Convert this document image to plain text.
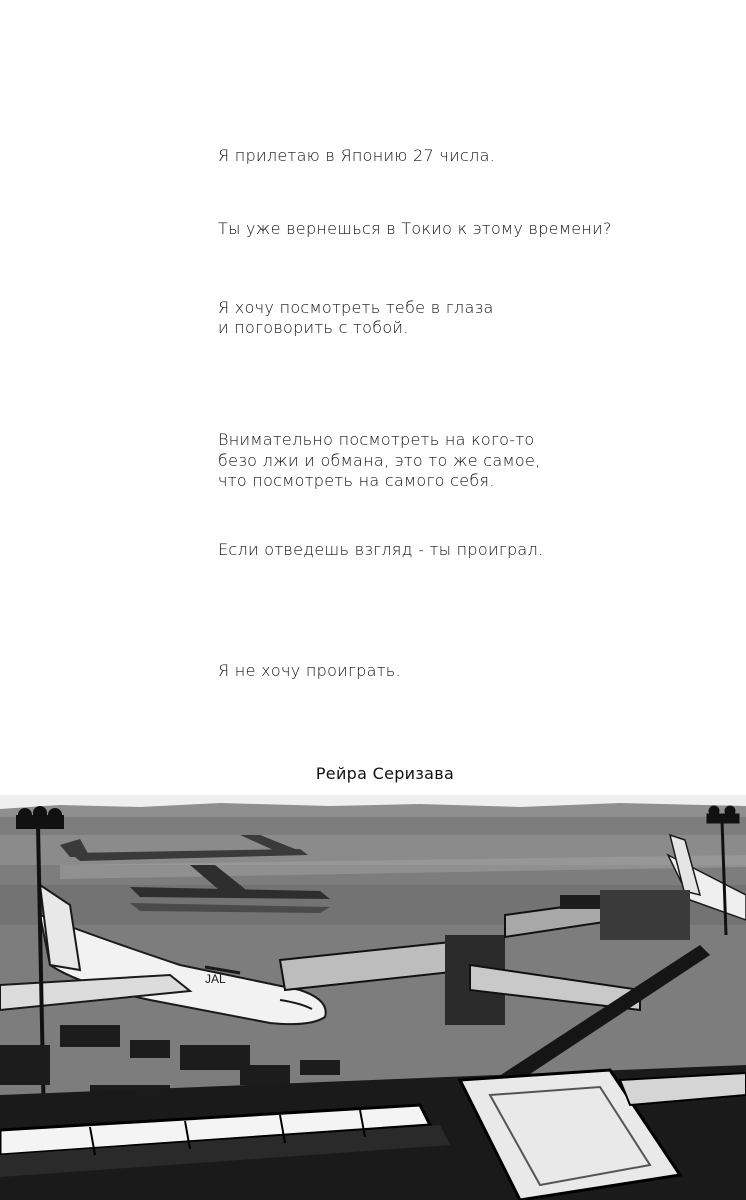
Я прилетаю в Японию 27 числа.
Ты уже вернешься в Токио к этому времени?
Я хочу посмотреть тебе в глаза
и поговорить с тобой.
Внимательно посмотреть на кого-то
безо лжи и обмана, это то же самое,
что посмотреть на самого себя.
Если отведешь взгляд - ты проиграл.
Я не хочу проиграть.
Рейра Серизава
JAL
